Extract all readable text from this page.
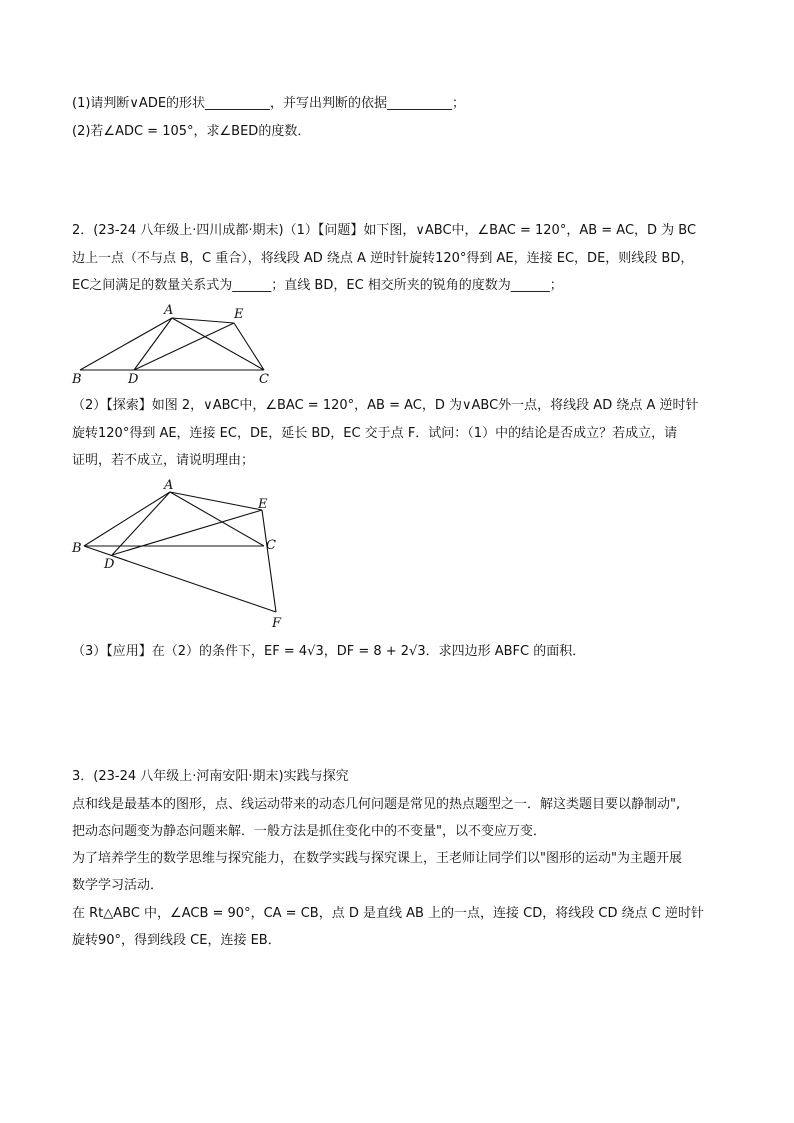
(1)请判断∨ADE的形状__________，并写出判断的依据__________；
(2)若∠ADC = 105°，求∠BED的度数．
2．(23-24 八年级上·四川成都·期末)（1）【问题】如下图，∨ABC中，∠BAC = 120°，AB = AC，D 为 BC
边上一点（不与点 B，C 重合），将线段 AD 绕点 A 逆时针旋转120°得到 AE，连接 EC，DE，则线段 BD，
EC之间满足的数量关系式为______；直线 BD，EC 相交所夹的锐角的度数为______；
A	E
B	D	C
（2）【探索】如图 2，∨ABC中，∠BAC = 120°，AB = AC，D 为∨ABC外一点，将线段 AD 绕点 A 逆时针
旋转120°得到 AE，连接 EC，DE，延长 BD，EC 交于点 F．试问：（1）中的结论是否成立？若成立，请
证明，若不成立，请说明理由；
A
E
B	C
D
F
（3）【应用】在（2）的条件下，EF = 4√3，DF = 8 + 2√3．求四边形 ABFC 的面积．
3．(23-24 八年级上·河南安阳·期末)实践与探究
点和线是最基本的图形，点、线运动带来的动态几何问题是常见的热点题型之一．解这类题目要以静制动",
把动态问题变为静态问题来解．一般方法是抓住变化中的不变量"，以不变应万变．
为了培养学生的数学思维与探究能力，在数学实践与探究课上，王老师让同学们以"图形的运动"为主题开展
数学学习活动．
在 Rt△ABC 中，∠ACB = 90°，CA = CB，点 D 是直线 AB 上的一点，连接 CD，将线段 CD 绕点 C 逆时针
旋转90°，得到线段 CE，连接 EB．
